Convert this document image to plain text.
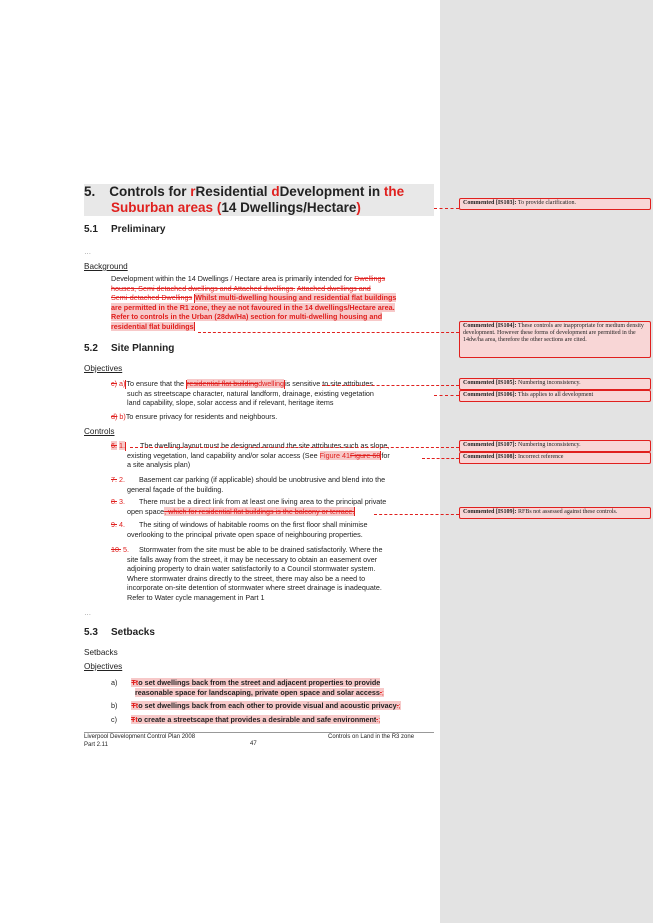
5. Controls for rResidential dDevelopment in the
Suburban areas (14 Dwellings/Hectare)
5.1 Preliminary
…
Background
Development within the 14 Dwellings / Hectare area is primarily intended for Dwellings
houses, Semi detached dwellings and Attached dwellings. Attached dwellings and
Semi-detached Dwellings Whilst multi-dwelling housing and residential flat buildings
are permitted in the R1 zone, they ae not favoured in the 14 dwellings/Hectare area.
Refer to controls in the Urban (28dw/Ha) section for multi-dwelling housing and
residential flat buildings
5.2 Site Planning
Objectives
c) a)To ensure that the residential flat buildingdwellingis sensitive to site attributes
such as streetscape character, natural landform, drainage, existing vegetation
land capability, slope, solar access and if relevant, heritage items
d) b)To ensure privacy for residents and neighbours.
Controls
6. 1. The dwelling layout must be designed around the site attributes such as slope,
existing vegetation, land capability and/or solar access (See Figure 41Figure 60for
a site analysis plan)
7. 2. Basement car parking (if applicable) should be unobtrusive and blend into the
general façade of the building.
8. 3. There must be a direct link from at least one living area to the principal private
open space, which for residential flat buildings is the balcony or terrace.
9. 4. The siting of windows of habitable rooms on the first floor shall minimise
overlooking to the principal private open space of neighbouring properties.
10. 5. Stormwater from the site must be able to be drained satisfactorily. Where the
site falls away from the street, it may be necessary to obtain an easement over
adjoining property to drain water satisfactorily to a Council stormwater system.
Where stormwater drains directly to the street, there may also be a need to
incorporate on-site detention of stormwater where street drainage is inadequate.
Refer to Water cycle management in Part 1
…
5.3 Setbacks
Setbacks
Objectives
a) Tto set dwellings back from the street and adjacent properties to provide
reasonable space for landscaping, private open space and solar access.;
b) Tto set dwellings back from each other to provide visual and acoustic privacy.;
c) Tto create a streetscape that provides a desirable and safe environment ;
Liverpool Development Control Plan 2008
Part 2.11	47
Controls on Land in the R3 zone
Commented [IS103]: To provide clarification.
Commented [IS104]: These controls are inappropriate for medium density development. However these forms of development are permitted in the 14dw/ha area, therefore the other sections are cited.
Commented [IS105]: Numbering inconsistency.
Commented [IS106]: This applies to all development
Commented [IS107]: Numbering inconsistency.
Commented [IS108]: Incorrect reference
Commented [IS109]: RFBs not assessed against these controls.
